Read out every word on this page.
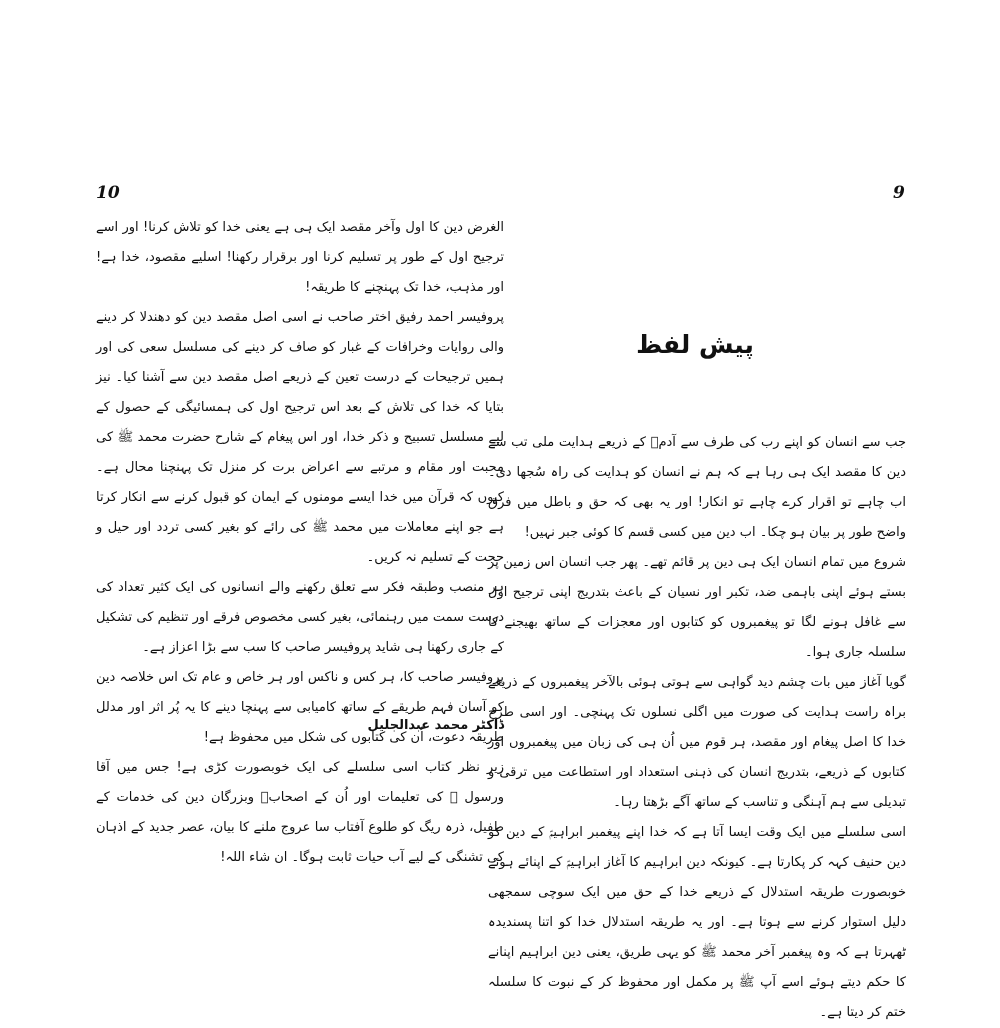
10	9

الغرض دین کا اول وآخر مقصد ایک ہی ہے یعنی خدا کو تلاش کرنا! اور اسے ترجیح اول کے طور پر تسلیم کرنا اور برقرار رکھنا! اسلیے مقصود، خدا ہے! اور مذہب، خدا تک پہنچنے کا طریقہ!

پروفیسر احمد رفیق اختر صاحب نے اسی اصل مقصد دین کو دھندلا کر دینے والی روایات وخرافات کے غبار کو صاف کر دینے کی مسلسل سعی کی اور ہمیں ترجیحات کے درست تعین کے ذریعے اصل مقصد دین سے آشنا کیا۔ نیز بتایا کہ خدا کی تلاش کے بعد اس ترجیح اول کی ہمسائیگی کے حصول کے لیے مسلسل تسبیح و ذکر خدا، اور اس پیغام کے شارح حضرت محمد ﷺ کی محبت اور مقام و مرتبے سے اعراض برت کر منزل تک پہنچنا محال ہے۔ کیوں کہ قرآن میں خدا ایسے مومنوں کے ایمان کو قبول کرنے سے انکار کرتا ہے جو اپنے معاملات میں محمد ﷺ کی رائے کو بغیر کسی تردد اور حیل و حجت کے تسلیم نہ کریں۔

ہر منصب وطبقہ فکر سے تعلق رکھنے والے انسانوں کی ایک کثیر تعداد کی درست سمت میں رہنمائی، بغیر کسی مخصوص فرقے اور تنظیم کی تشکیل کے جاری رکھنا ہی شاید پروفیسر صاحب کا سب سے بڑا اعزاز ہے۔

پروفیسر صاحب کا، ہر کس و ناکس اور ہر خاص و عام تک اس خلاصہ دین کو آسان فہم طریقے کے ساتھ کامیابی سے پہنچا دینے کا یہ پُر اثر اور مدلل طریقہ دعوت، اُن کی کتابوں کی شکل میں محفوظ ہے!

زیر نظر کتاب اسی سلسلے کی ایک خوبصورت کڑی ہے! جس میں آقا ورسول ﷺ کی تعلیمات اور اُن کے اصحابؓ وبزرگان دین کی خدمات کے طفیل، ذرہ ریگ کو طلوع آفتاب سا عروج ملنے کا بیان، عصر جدید کے اذہان کی تشنگی کے لیے آب حیات ثابت ہوگا۔ ان شاء اللہ!

ڈاکٹر محمد عبدالجلیل
پیش لفظ

جب سے انسان کو اپنے رب کی طرف سے آدمؑ کے ذریعے ہدایت ملی تب سے دین کا مقصد ایک ہی رہا ہے کہ ہم نے انسان کو ہدایت کی راہ سُجھا دی۔ اب چاہے تو اقرار کرے چاہے تو انکار! اور یہ بھی کہ حق و باطل میں فرق واضح طور پر بیان ہو چکا۔ اب دین میں کسی قسم کا کوئی جبر نہیں!

شروع میں تمام انسان ایک ہی دین پر قائم تھے۔ پھر جب انسان اس زمین پر بستے ہوئے اپنی باہمی ضد، تکبر اور نسیان کے باعث بتدریج اپنی ترجیح اول سے غافل ہونے لگا تو پیغمبروں کو کتابوں اور معجزات کے ساتھ بھیجنے کا سلسلہ جاری ہوا۔

گویا آغاز میں بات چشم دید گواہی سے ہوتی ہوئی بالآخر پیغمبروں کے ذریعے براہ راست ہدایت کی صورت میں اگلی نسلوں تک پہنچی۔ اور اسی طرح خدا کا اصل پیغام اور مقصد، ہر قوم میں اُن ہی کی زبان میں پیغمبروں اور کتابوں کے ذریعے، بتدریج انسان کی ذہنی استعداد اور استطاعت میں ترقی و تبدیلی سے ہم آہنگی و تناسب کے ساتھ آگے بڑھتا رہا۔

اسی سلسلے میں ایک وقت ایسا آتا ہے کہ خدا اپنے پیغمبر ابراہیمؑ کے دین کو دین حنیف کہہ کر پکارتا ہے۔ کیونکہ دین ابراہیم کا آغاز ابراہیمؑ کے اپنائے ہوئے خوبصورت طریقہ استدلال کے ذریعے خدا کے حق میں ایک سوچی سمجھی دلیل استوار کرنے سے ہوتا ہے۔ اور یہ طریقہ استدلال خدا کو اتنا پسندیدہ ٹھہرتا ہے کہ وہ پیغمبر آخر محمد ﷺ کو یہی طریق، یعنی دین ابراہیم اپنانے کا حکم دیتے ہوئے اسے آپ ﷺ پر مکمل اور محفوظ کر کے نبوت کا سلسلہ ختم کر دیتا ہے۔
